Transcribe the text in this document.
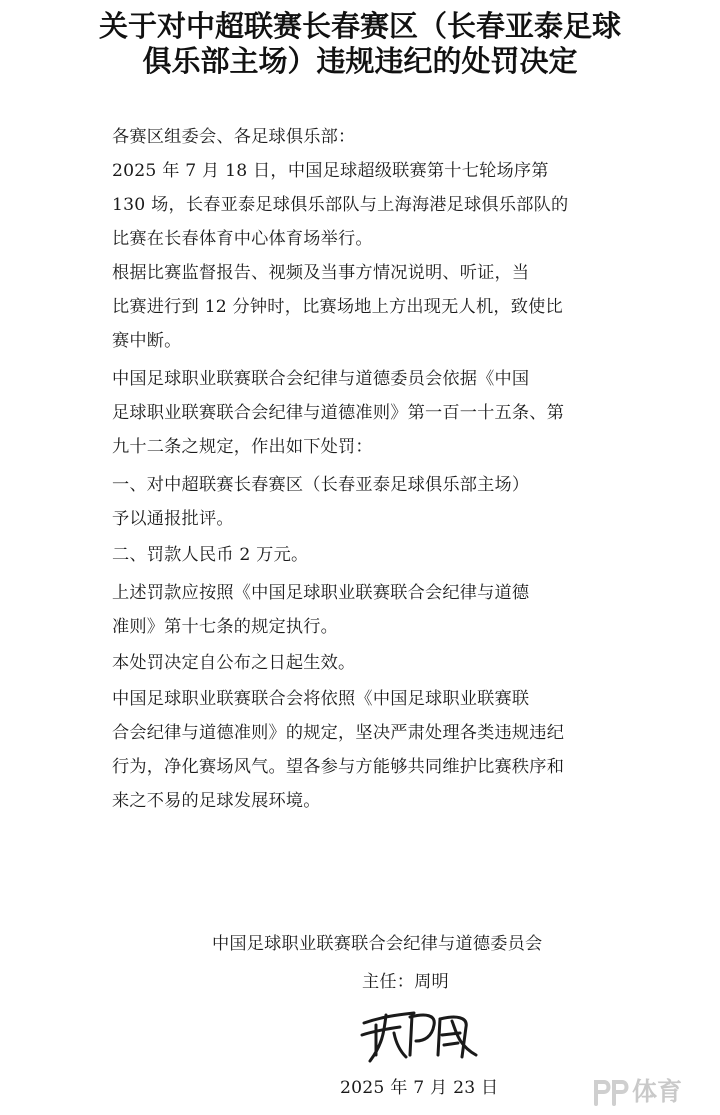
关于对中超联赛长春赛区（长春亚泰足球
俱乐部主场）违规违纪的处罚决定

各赛区组委会、各足球俱乐部：

2025 年 7 月 18 日，中国足球超级联赛第十七轮场序第

130 场，长春亚泰足球俱乐部队与上海海港足球俱乐部队的

比赛在长春体育中心体育场举行。

根据比赛监督报告、视频及当事方情况说明、听证，当

比赛进行到 12 分钟时，比赛场地上方出现无人机，致使比

赛中断。

中国足球职业联赛联合会纪律与道德委员会依据《中国

足球职业联赛联合会纪律与道德准则》第一百一十五条、第

九十二条之规定，作出如下处罚：

一、对中超联赛长春赛区（长春亚泰足球俱乐部主场）

予以通报批评。

二、罚款人民币 2 万元。

上述罚款应按照《中国足球职业联赛联合会纪律与道德

准则》第十七条的规定执行。

本处罚决定自公布之日起生效。

中国足球职业联赛联合会将依照《中国足球职业联赛联

合会纪律与道德准则》的规定，坚决严肃处理各类违规违纪

行为，净化赛场风气。望各参与方能够共同维护比赛秩序和

来之不易的足球发展环境。

中国足球职业联赛联合会纪律与道德委员会

主任：周明

2025 年 7 月 23 日	体育
